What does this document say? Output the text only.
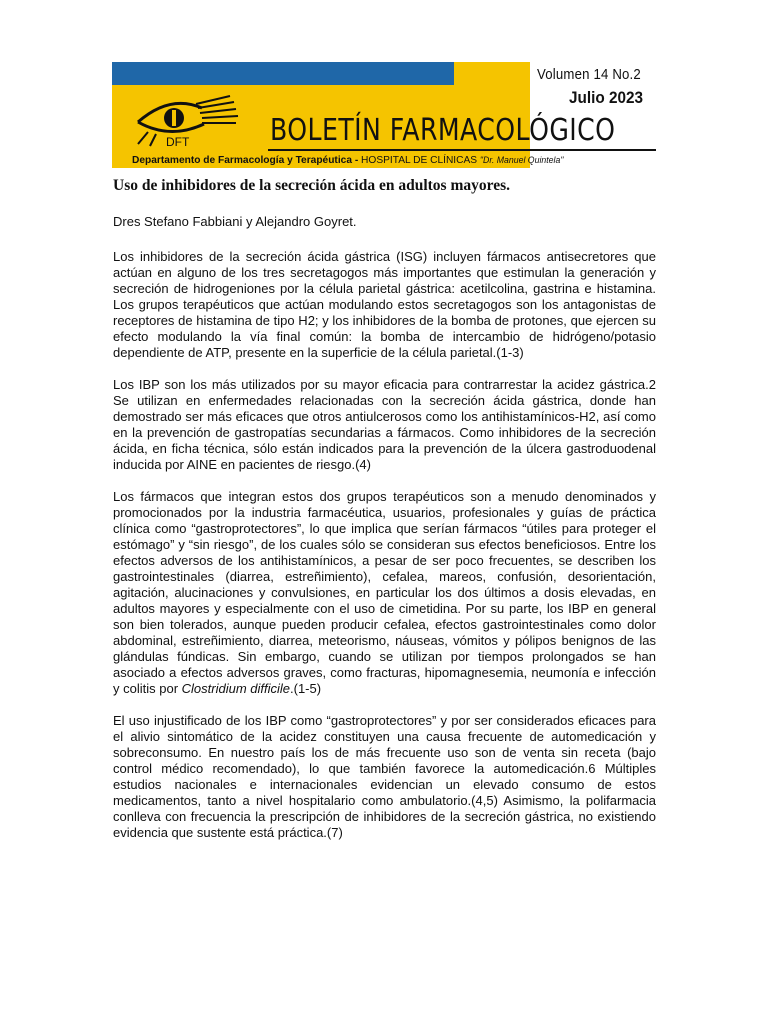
DFT
Volumen 14 No.2
Julio 2023
BOLETÍN FARMACOLÓGICO
Departamento de Farmacología y Terapéutica - HOSPITAL DE CLÍNICAS "Dr. Manuel Quintela"
Uso de inhibidores de la secreción ácida en adultos mayores.

Dres Stefano Fabbiani y Alejandro Goyret.

Los inhibidores de la secreción ácida gástrica (ISG) incluyen fármacos antisecretores que actúan en alguno de los tres secretagogos más importantes que estimulan la generación y secreción de hidrogeniones por la célula parietal gástrica: acetilcolina, gastrina e histamina. Los grupos terapéuticos que actúan modulando estos secretagogos son los antagonistas de receptores de histamina de tipo H2; y los inhibidores de la bomba de protones, que ejercen su efecto modulando la vía final común: la bomba de intercambio de hidrógeno/potasio dependiente de ATP, presente en la superficie de la célula parietal.(1-3)

Los IBP son los más utilizados por su mayor eficacia para contrarrestar la acidez gástrica.2 Se utilizan en enfermedades relacionadas con la secreción ácida gástrica, donde han demostrado ser más eficaces que otros antiulcerosos como los antihistamínicos-H2, así como en la prevención de gastropatías secundarias a fármacos. Como inhibidores de la secreción ácida, en ficha técnica, sólo están indicados para la prevención de la úlcera gastroduodenal inducida por AINE en pacientes de riesgo.(4)

Los fármacos que integran estos dos grupos terapéuticos son a menudo denominados y promocionados por la industria farmacéutica, usuarios, profesionales y guías de práctica clínica como “gastroprotectores”, lo que implica que serían fármacos “útiles para proteger el estómago” y “sin riesgo”, de los cuales sólo se consideran sus efectos beneficiosos. Entre los efectos adversos de los antihistamínicos, a pesar de ser poco frecuentes, se describen los gastrointestinales (diarrea, estreñimiento), cefalea, mareos, confusión, desorientación, agitación, alucinaciones y convulsiones, en particular los dos últimos a dosis elevadas, en adultos mayores y especialmente con el uso de cimetidina. Por su parte, los IBP en general son bien tolerados, aunque pueden producir cefalea, efectos gastrointestinales como dolor abdominal, estreñimiento, diarrea, meteorismo, náuseas, vómitos y pólipos benignos de las glándulas fúndicas. Sin embargo, cuando se utilizan por tiempos prolongados se han asociado a efectos adversos graves, como fracturas, hipomagnesemia, neumonía e infección y colitis por Clostridium difficile.(1-5)

El uso injustificado de los IBP como “gastroprotectores” y por ser considerados eficaces para el alivio sintomático de la acidez constituyen una causa frecuente de automedicación y sobreconsumo. En nuestro país los de más frecuente uso son de venta sin receta (bajo control médico recomendado), lo que también favorece la automedicación.6 Múltiples estudios nacionales e internacionales evidencian un elevado consumo de estos medicamentos, tanto a nivel hospitalario como ambulatorio.(4,5) Asimismo, la polifarmacia conlleva con frecuencia la prescripción de inhibidores de la secreción gástrica, no existiendo evidencia que sustente está práctica.(7)
